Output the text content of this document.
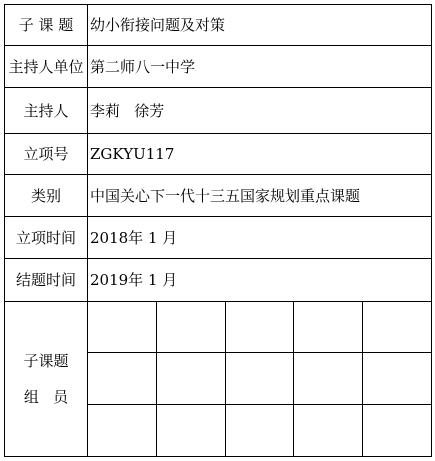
子 课 题	幼小衔接问题及对策				
主持人单位	第二师八一中学				
主持人	李莉   徐芳				
立项号	ZGKYU117				
类别	中国关心下一代十三五国家规划重点课题				
立项时间	2018年 1 月				
结题时间	2019年 1 月				

子课题
组   员					
